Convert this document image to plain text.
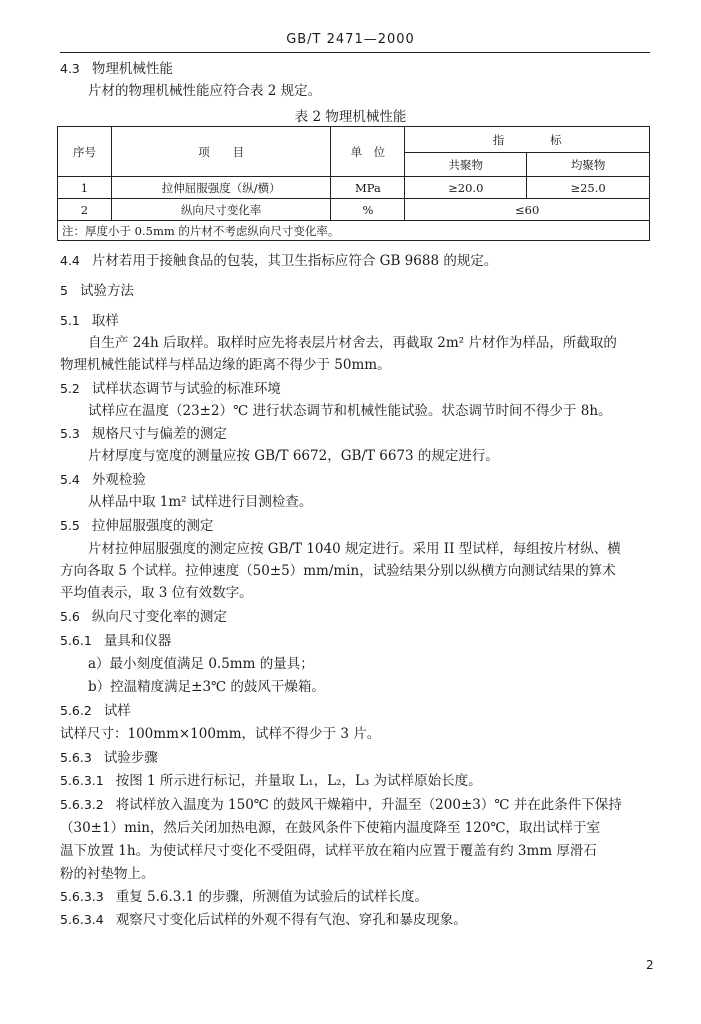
GB/T 2471—2000
4.3 物理机械性能
片材的物理机械性能应符合表 2 规定。
表 2 物理机械性能
序号	项　　目	单　位	指　　　　标	
			共聚物	均聚物
1	拉伸屈服强度（纵/横）	MPa	≥20.0	≥25.0
2	纵向尺寸变化率	%	≤60	
注：厚度小于 0.5mm 的片材不考虑纵向尺寸变化率。				
4.4 片材若用于接触食品的包装，其卫生指标应符合 GB 9688 的规定。
5 试验方法
5.1 取样
自生产 24h 后取样。取样时应先将表层片材舍去，再截取 2m² 片材作为样品，所截取的
物理机械性能试样与样品边缘的距离不得少于 50mm。
5.2 试样状态调节与试验的标准环境
试样应在温度（23±2）℃ 进行状态调节和机械性能试验。状态调节时间不得少于 8h。
5.3 规格尺寸与偏差的测定
片材厚度与宽度的测量应按 GB/T 6672，GB/T 6673 的规定进行。
5.4 外观检验
从样品中取 1m² 试样进行目测检查。
5.5 拉伸屈服强度的测定
片材拉伸屈服强度的测定应按 GB/T 1040 规定进行。采用 II 型试样，每组按片材纵、横
方向各取 5 个试样。拉伸速度（50±5）mm/min，试验结果分别以纵横方向测试结果的算术
平均值表示，取 3 位有效数字。
5.6 纵向尺寸变化率的测定
5.6.1 量具和仪器
a）最小刻度值满足 0.5mm 的量具；
b）控温精度满足±3℃ 的鼓风干燥箱。
5.6.2 试样
试样尺寸：100mm×100mm，试样不得少于 3 片。
5.6.3 试验步骤
5.6.3.1 按图 1 所示进行标记，并量取 L₁，L₂，L₃ 为试样原始长度。
5.6.3.2 将试样放入温度为 150℃ 的鼓风干燥箱中，升温至（200±3）℃ 并在此条件下保持
（30±1）min，然后关闭加热电源，在鼓风条件下使箱内温度降至 120℃，取出试样于室
温下放置 1h。为使试样尺寸变化不受阻碍，试样平放在箱内应置于覆盖有约 3mm 厚滑石
粉的衬垫物上。
5.6.3.3 重复 5.6.3.1 的步骤，所测值为试验后的试样长度。
5.6.3.4 观察尺寸变化后试样的外观不得有气泡、穿孔和暴皮现象。
2
